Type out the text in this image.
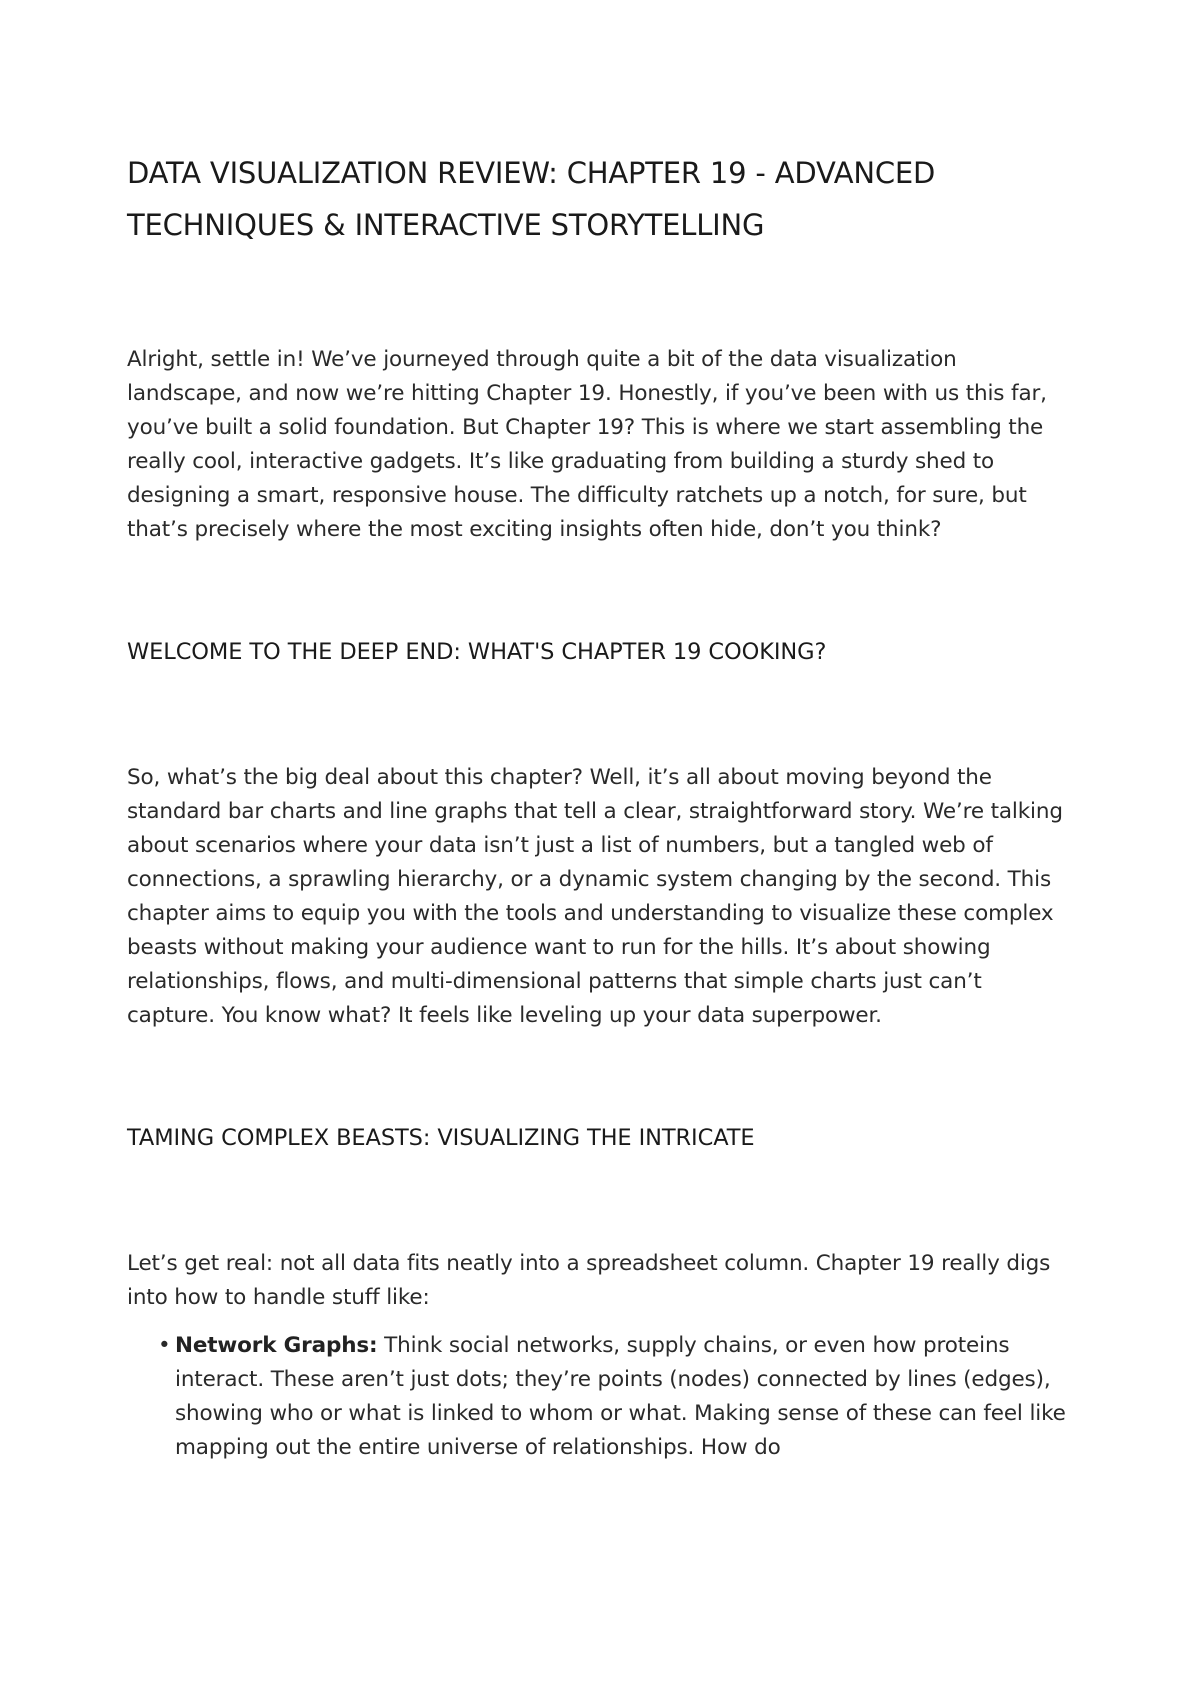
DATA VISUALIZATION REVIEW: CHAPTER 19 - ADVANCED TECHNIQUES & INTERACTIVE STORYTELLING

Alright, settle in! We’ve journeyed through quite a bit of the data visualization landscape, and now we’re hitting Chapter 19. Honestly, if you’ve been with us this far, you’ve built a solid foundation. But Chapter 19? This is where we start assembling the really cool, interactive gadgets. It’s like graduating from building a sturdy shed to designing a smart, responsive house. The difficulty ratchets up a notch, for sure, but that’s precisely where the most exciting insights often hide, don’t you think?

WELCOME TO THE DEEP END: WHAT'S CHAPTER 19 COOKING?

So, what’s the big deal about this chapter? Well, it’s all about moving beyond the standard bar charts and line graphs that tell a clear, straightforward story. We’re talking about scenarios where your data isn’t just a list of numbers, but a tangled web of connections, a sprawling hierarchy, or a dynamic system changing by the second. This chapter aims to equip you with the tools and understanding to visualize these complex beasts without making your audience want to run for the hills. It’s about showing relationships, flows, and multi-dimensional patterns that simple charts just can’t capture. You know what? It feels like leveling up your data superpower.

TAMING COMPLEX BEASTS: VISUALIZING THE INTRICATE

Let’s get real: not all data fits neatly into a spreadsheet column. Chapter 19 really digs into how to handle stuff like:

• Network Graphs: Think social networks, supply chains, or even how proteins interact. These aren’t just dots; they’re points (nodes) connected by lines (edges), showing who or what is linked to whom or what. Making sense of these can feel like mapping out the entire universe of relationships. How do
